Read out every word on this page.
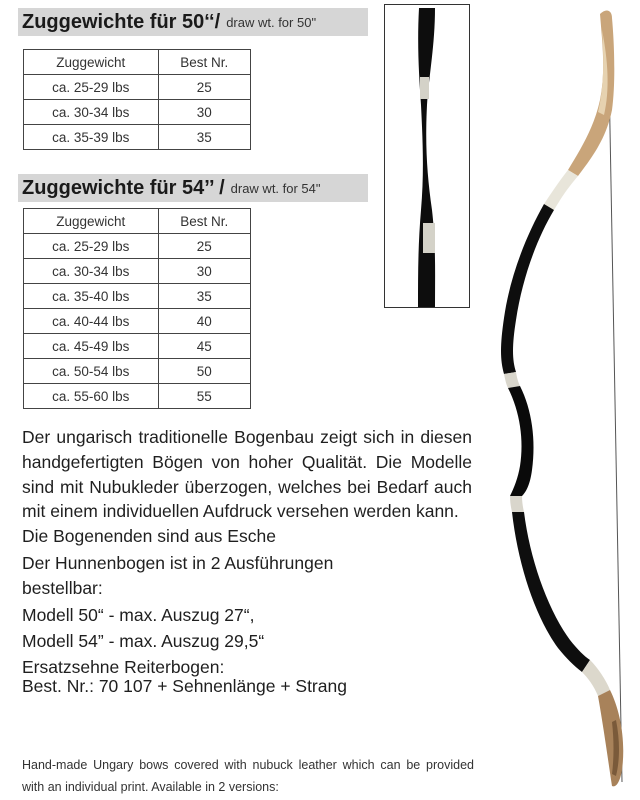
Zuggewichte für 50‘‘/ draw wt. for 50"
Zuggewicht	Best Nr.
ca. 25-29 lbs	25
ca. 30-34 lbs	30
ca. 35-39 lbs	35
Zuggewichte für 54’’ / draw wt. for 54"
Zuggewicht	Best Nr.
ca. 25-29 lbs	25
ca. 30-34 lbs	30
ca. 35-40 lbs	35
ca. 40-44 lbs	40
ca. 45-49 lbs	45
ca. 50-54 lbs	50
ca. 55-60 lbs	55
Der ungarisch traditionelle Bogenbau zeigt sich in diesen handgefertigten Bögen von hoher Qualität. Die Modelle sind mit Nubukleder überzogen, welches bei Bedarf auch mit einem individuellen Aufdruck versehen werden kann.
Die Bogenenden sind aus Esche
Der Hunnenbogen ist in 2 Ausführungen bestellbar:
Modell 50“ - max. Auszug 27“,
Modell 54” - max. Auszug 29,5“
Ersatzsehne Reiterbogen:
Best. Nr.: 70 107 + Sehnenlänge + Strang
Hand-made Ungary bows covered with nubuck leather which can be provided with an individual print. Available in 2 versions:
